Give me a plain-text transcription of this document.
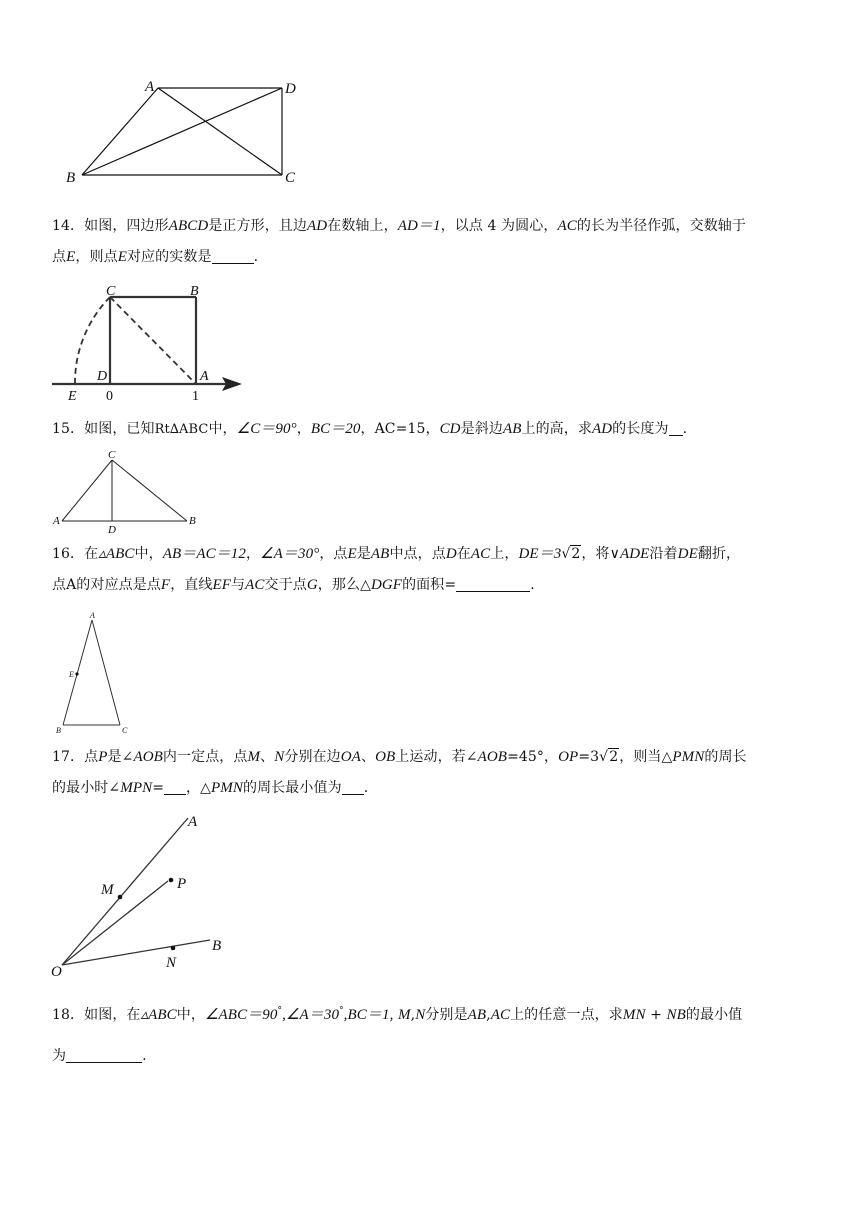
A	D
B	C
14．如图，四边形ABCD是正方形，且边AD在数轴上，AD＝1，以点 4 为圆心，AC的长为半径作弧，交数轴于
点E，则点E对应的实数是	.
C	B
D	A
E 0	1
15．如图，已知Rt∆ABC中，∠C＝90°，BC＝20，AC=15，CD是斜边AB上的高，求AD的长度为 .
C
A
D
B
16．在▵ABC中，AB＝AC＝12，∠A＝30°，点E是AB中点，点D在AC上，DE＝3√2，将∨ADE沿着DE翻折，
点A的对应点是点F，直线EF与AC交于点G，那么△DGF的面积=	.
A
E
B	C
17．点P是∠AOB内一定点，点M、N分别在边OA、OB上运动，若∠AOB=45°，OP=3√2，则当△PMN的周长
的最小时∠MPN= ，△PMN的周长最小值为 .
A
P
M
B
N
O
18．如图，在▵ABC中，∠ABC＝90°,∠A＝30°,BC＝1, M,N分别是AB,AC上的任意一点，求MN + NB的最小值
为	.
